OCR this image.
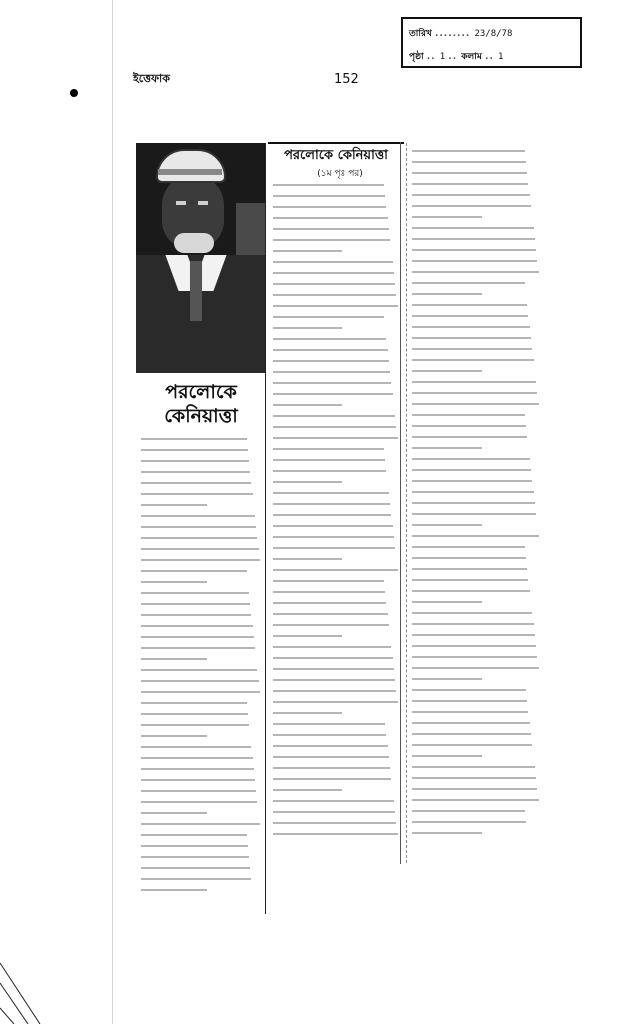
ইত্তেফাক	152
তারিখ ........ 23/8/78
পৃষ্ঠা .. 1 .. কলাম .. 1
পরলোকে কেনিয়াত্তা
পরলোকে কেনিয়াত্তা
(১ম পৃঃ পর)
